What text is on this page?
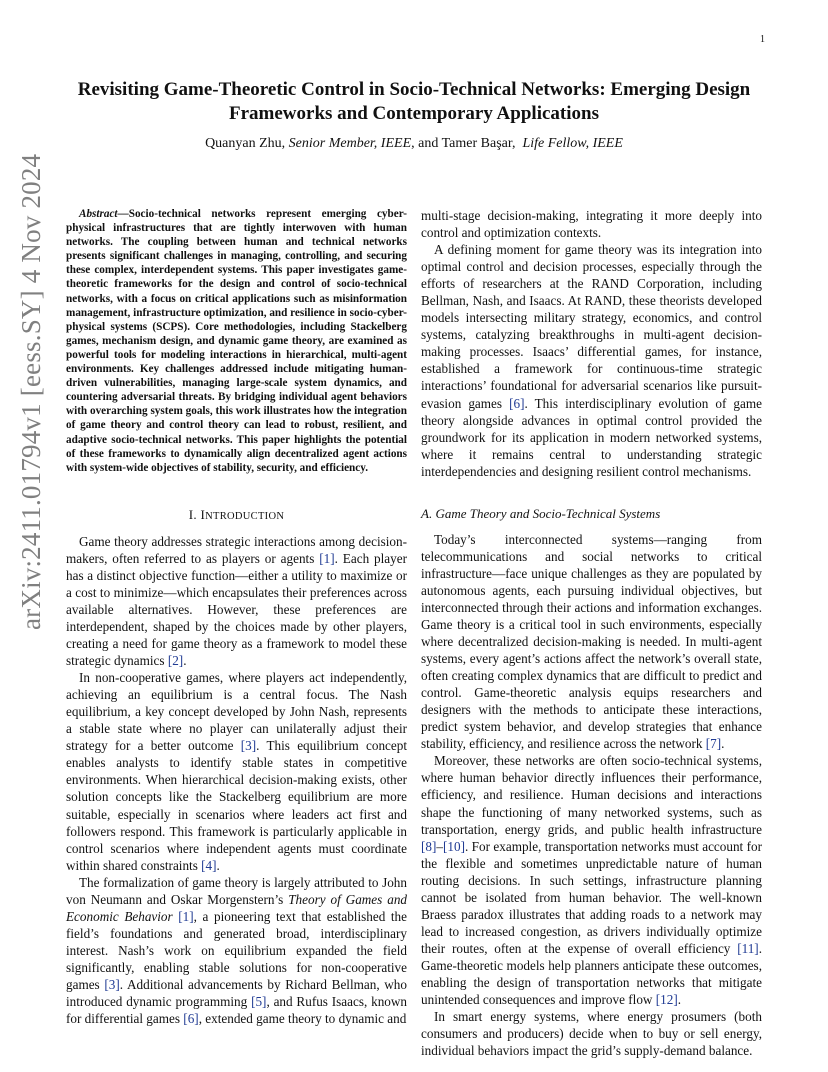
1
arXiv:2411.01794v1 [eess.SY] 4 Nov 2024
Revisiting Game-Theoretic Control in Socio-Technical Networks: Emerging Design Frameworks and Contemporary Applications
Quanyan Zhu, Senior Member, IEEE, and Tamer Başar, Life Fellow, IEEE

Abstract—Socio-technical networks represent emerging cyber-physical infrastructures that are tightly interwoven with human networks. The coupling between human and technical networks presents significant challenges in managing, controlling, and securing these complex, interdependent systems. This paper investigates game-theoretic frameworks for the design and control of socio-technical networks, with a focus on critical applications such as misinformation management, infrastructure optimization, and resilience in socio-cyber-physical systems (SCPS). Core methodologies, including Stackelberg games, mechanism design, and dynamic game theory, are examined as powerful tools for modeling interactions in hierarchical, multi-agent environments. Key challenges addressed include mitigating human-driven vulnerabilities, managing large-scale system dynamics, and countering adversarial threats. By bridging individual agent behaviors with overarching system goals, this work illustrates how the integration of game theory and control theory can lead to robust, resilient, and adaptive socio-technical networks. This paper highlights the potential of these frameworks to dynamically align decentralized agent actions with system-wide objectives of stability, security, and efficiency.

I. INTRODUCTION

Game theory addresses strategic interactions among decision-makers, often referred to as players or agents [1]. Each player has a distinct objective function—either a utility to maximize or a cost to minimize—which encapsulates their preferences across available alternatives. However, these preferences are interdependent, shaped by the choices made by other players, creating a need for game theory as a framework to model these strategic dynamics [2].

In non-cooperative games, where players act independently, achieving an equilibrium is a central focus. The Nash equilibrium, a key concept developed by John Nash, represents a stable state where no player can unilaterally adjust their strategy for a better outcome [3]. This equilibrium concept enables analysts to identify stable states in competitive environments. When hierarchical decision-making exists, other solution concepts like the Stackelberg equilibrium are more suitable, especially in scenarios where leaders act first and followers respond. This framework is particularly applicable in control scenarios where independent agents must coordinate within shared constraints [4].

The formalization of game theory is largely attributed to John von Neumann and Oskar Morgenstern’s Theory of Games and Economic Behavior [1], a pioneering text that established the field’s foundations and generated broad, interdisciplinary interest. Nash’s work on equilibrium expanded the field significantly, enabling stable solutions for non-cooperative games [3]. Additional advancements by Richard Bellman, who introduced dynamic programming [5], and Rufus Isaacs, known for differential games [6], extended game theory to dynamic and

multi-stage decision-making, integrating it more deeply into control and optimization contexts.

A defining moment for game theory was its integration into optimal control and decision processes, especially through the efforts of researchers at the RAND Corporation, including Bellman, Nash, and Isaacs. At RAND, these theorists developed models intersecting military strategy, economics, and control systems, catalyzing breakthroughs in multi-agent decision-making processes. Isaacs’ differential games, for instance, established a framework for continuous-time strategic interactions’ foundational for adversarial scenarios like pursuit-evasion games [6]. This interdisciplinary evolution of game theory alongside advances in optimal control provided the groundwork for its application in modern networked systems, where it remains central to understanding strategic interdependencies and designing resilient control mechanisms.

A. Game Theory and Socio-Technical Systems

Today’s interconnected systems—ranging from telecommunications and social networks to critical infrastructure—face unique challenges as they are populated by autonomous agents, each pursuing individual objectives, but interconnected through their actions and information exchanges. Game theory is a critical tool in such environments, especially where decentralized decision-making is needed. In multi-agent systems, every agent’s actions affect the network’s overall state, often creating complex dynamics that are difficult to predict and control. Game-theoretic analysis equips researchers and designers with the methods to anticipate these interactions, predict system behavior, and develop strategies that enhance stability, efficiency, and resilience across the network [7].

Moreover, these networks are often socio-technical systems, where human behavior directly influences their performance, efficiency, and resilience. Human decisions and interactions shape the functioning of many networked systems, such as transportation, energy grids, and public health infrastructure [8]–[10]. For example, transportation networks must account for the flexible and sometimes unpredictable nature of human routing decisions. In such settings, infrastructure planning cannot be isolated from human behavior. The well-known Braess paradox illustrates that adding roads to a network may lead to increased congestion, as drivers individually optimize their routes, often at the expense of overall efficiency [11]. Game-theoretic models help planners anticipate these outcomes, enabling the design of transportation networks that mitigate unintended consequences and improve flow [12].

In smart energy systems, where energy prosumers (both consumers and producers) decide when to buy or sell energy, individual behaviors impact the grid’s supply-demand balance.
